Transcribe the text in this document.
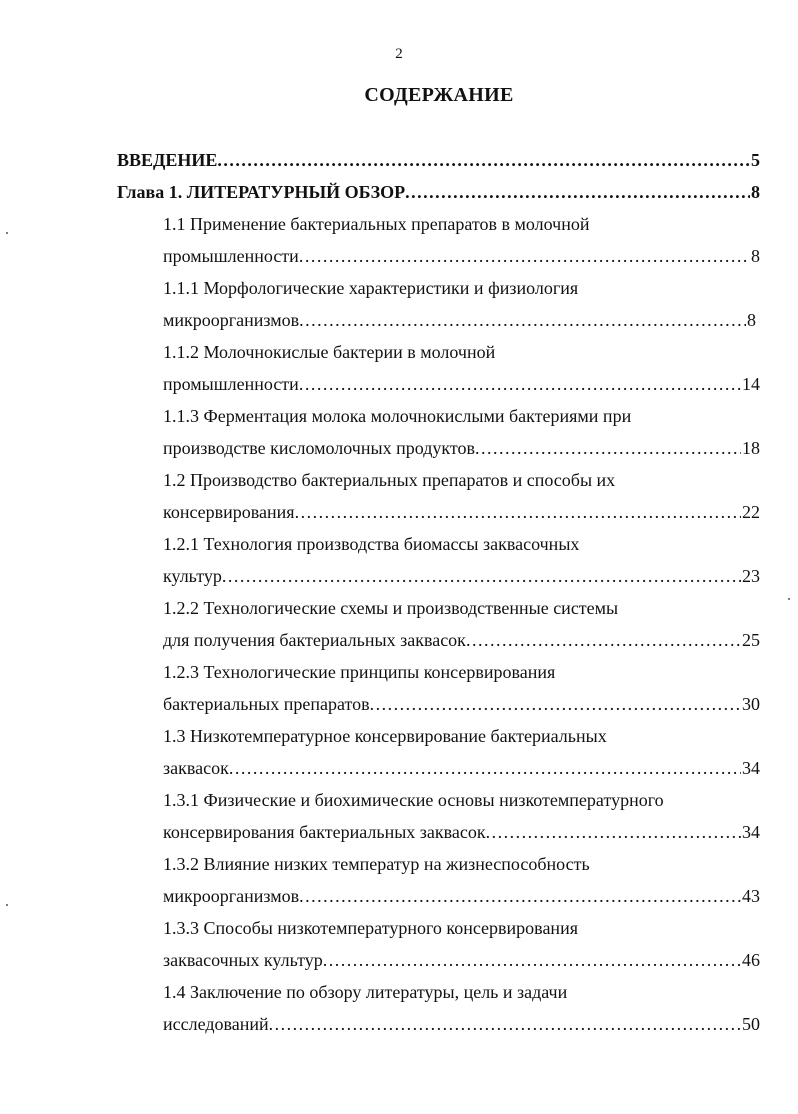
2
СОДЕРЖАНИЕ
5
ВВЕДЕНИЕ
. . .
8
Глава 1. ЛИТЕРАТУРНЫЙ ОБЗОР
. . .
1.1 Применение бактериальных препаратов в молочной
8
промышленности
. . .
1.1.1 Морфологические характеристики и физиология
8
микроорганизмов
. . .
1.1.2 Молочнокислые бактерии в молочной
14
промышленности
. . .
1.1.3 Ферментация молока молочнокислыми бактериями при
18
производстве кисломолочных продуктов
. . .
1.2 Производство бактериальных препаратов и способы их
22
консервирования
. . .
1.2.1 Технология производства биомассы заквасочных
23
культур
. . .
1.2.2 Технологические схемы и производственные системы
25
для получения бактериальных заквасок
. . .
1.2.3 Технологические принципы консервирования
30
бактериальных препаратов
. . .
1.3 Низкотемпературное консервирование бактериальных
34
заквасок
. . .
1.3.1 Физические и биохимические основы низкотемпературного
34
консервирования бактериальных заквасок
. . .
1.3.2 Влияние низких температур на жизнеспособность
43
микроорганизмов
. . .
1.3.3 Способы низкотемпературного консервирования
46
заквасочных культур
. . .
1.4 Заключение по обзору литературы, цель и задачи
50
исследований
. . .
